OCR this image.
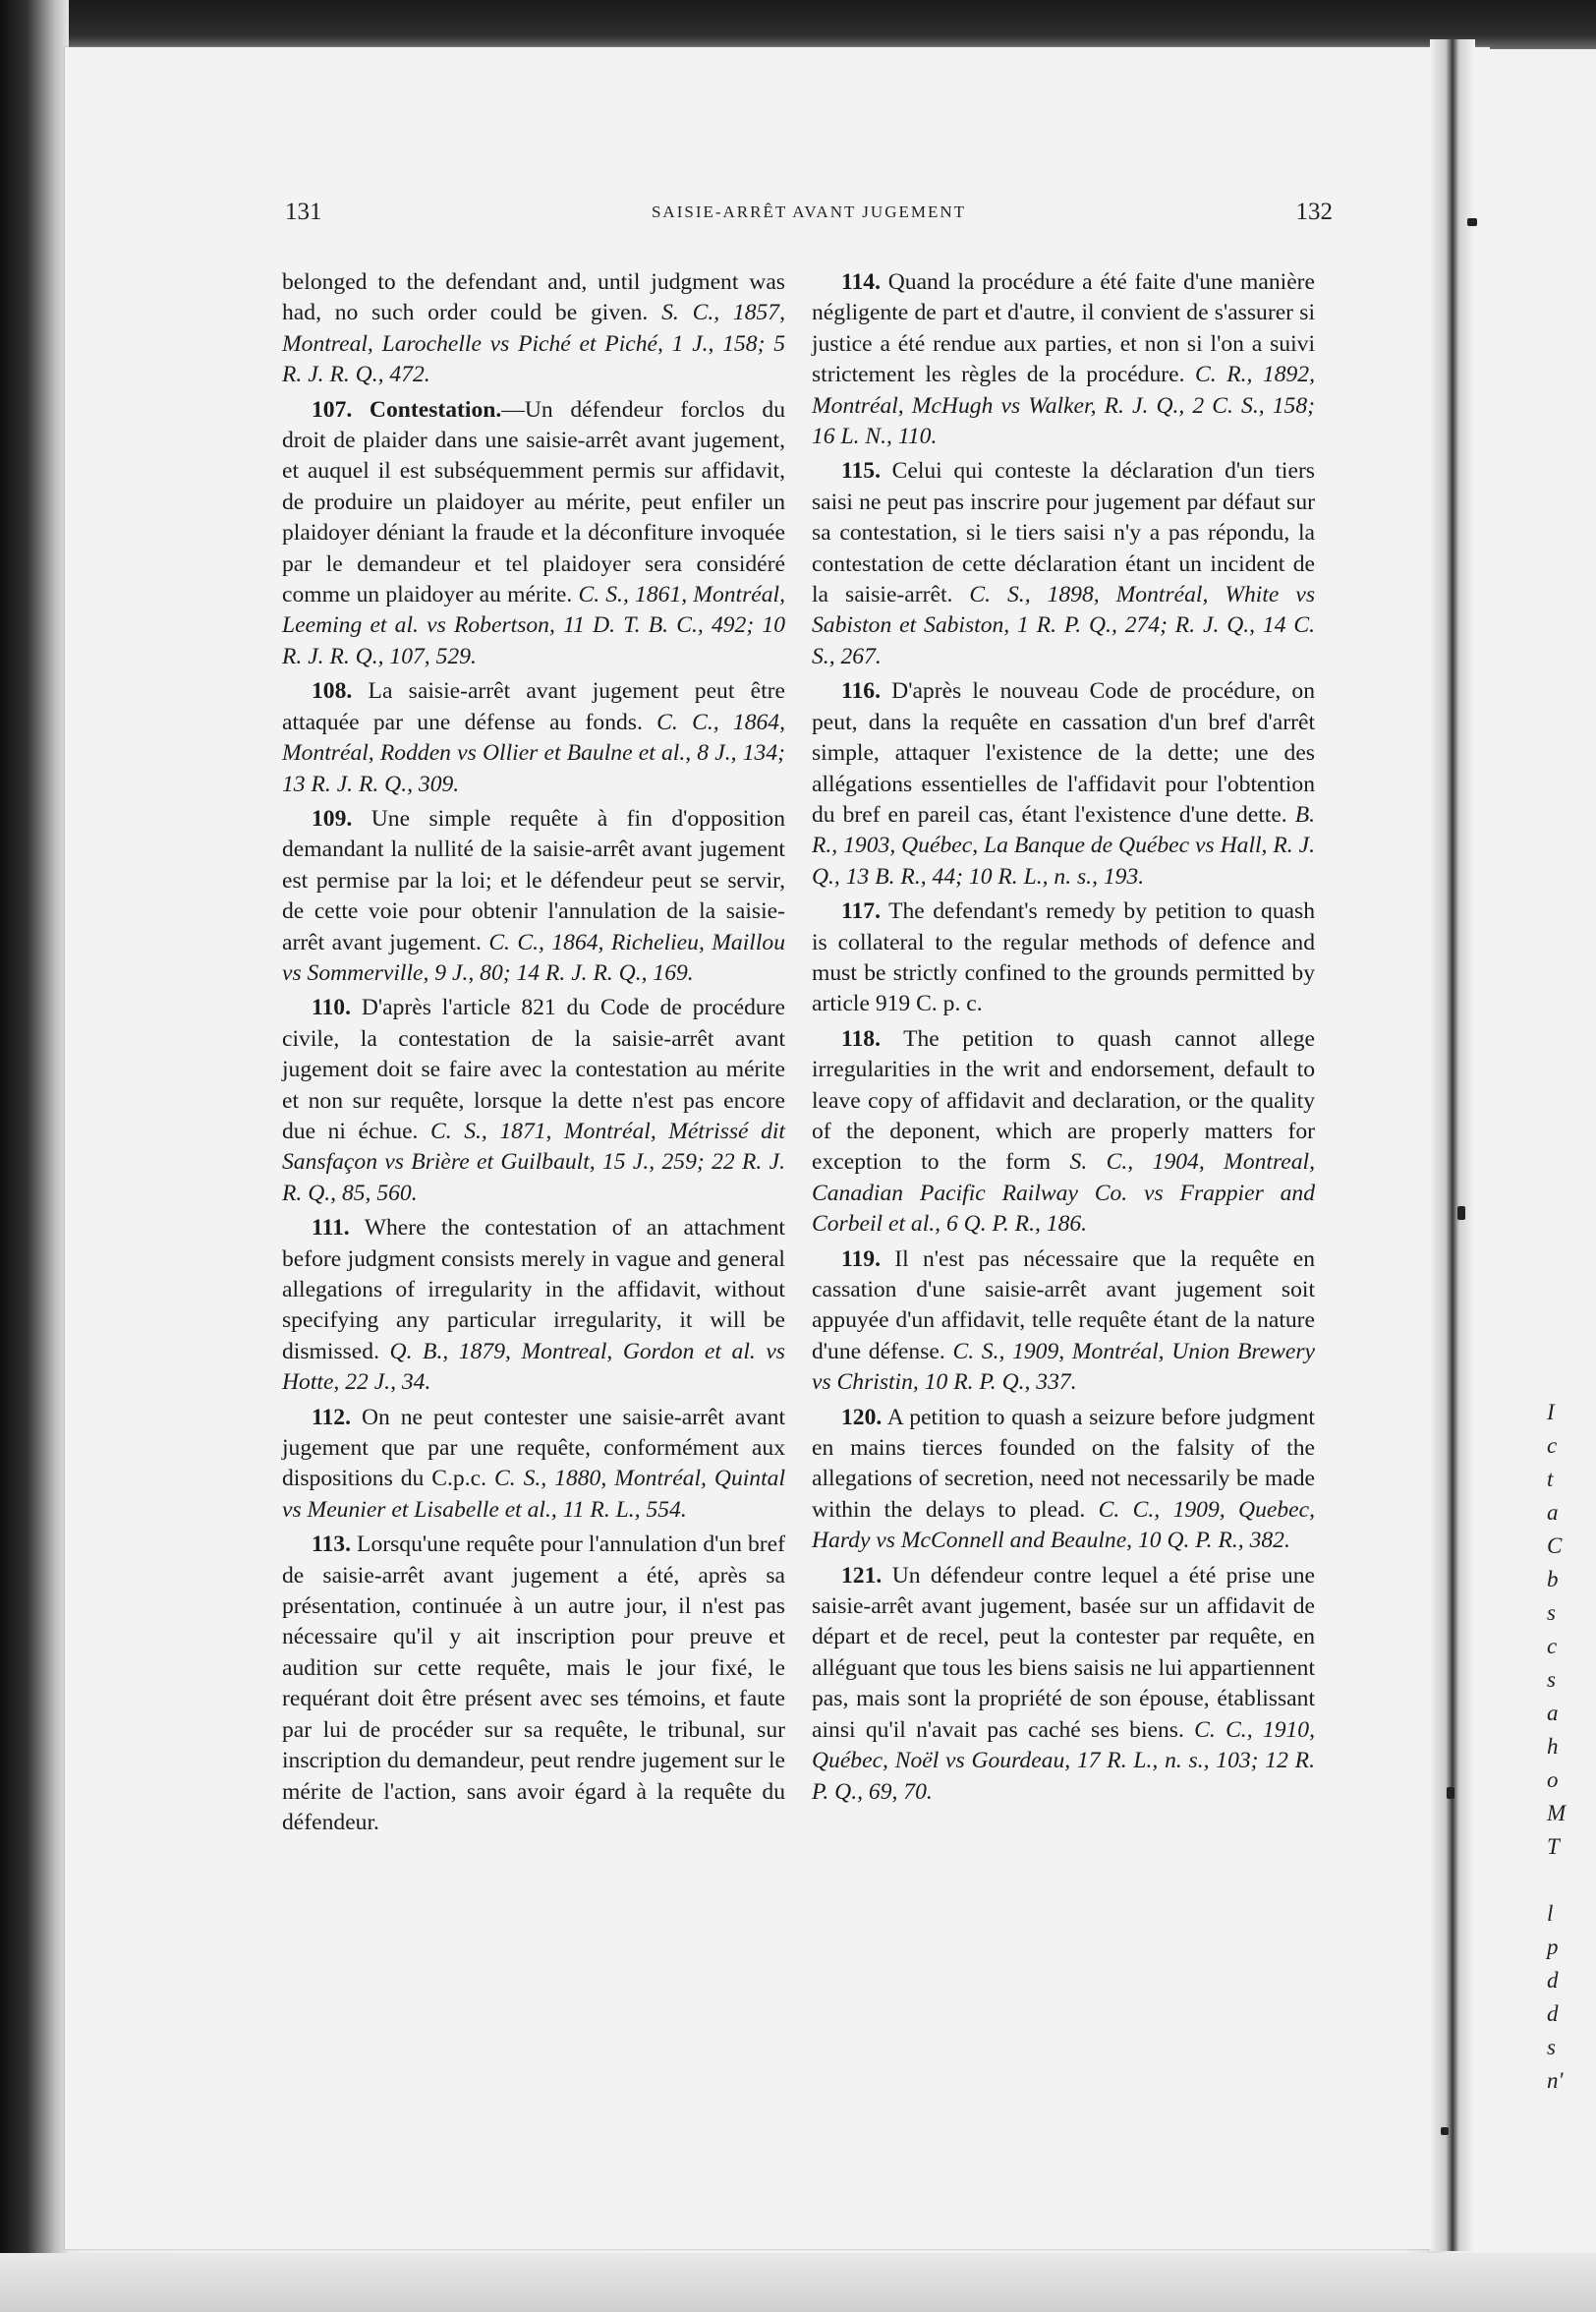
131	SAISIE-ARRÊT AVANT JUGEMENT	132

belonged to the defendant and, until judgment was had, no such order could be given. S. C., 1857, Montreal, Larochelle vs Piché et Piché, 1 J., 158; 5 R. J. R. Q., 472.

107. Contestation.—Un défendeur forclos du droit de plaider dans une saisie-arrêt avant jugement, et auquel il est subséquemment permis sur affidavit, de produire un plaidoyer au mérite, peut enfiler un plaidoyer déniant la fraude et la déconfiture invoquée par le demandeur et tel plaidoyer sera considéré comme un plaidoyer au mérite. C. S., 1861, Montréal, Leeming et al. vs Robertson, 11 D. T. B. C., 492; 10 R. J. R. Q., 107, 529.

108. La saisie-arrêt avant jugement peut être attaquée par une défense au fonds. C. C., 1864, Montréal, Rodden vs Ollier et Baulne et al., 8 J., 134; 13 R. J. R. Q., 309.

109. Une simple requête à fin d'opposition demandant la nullité de la saisie-arrêt avant jugement est permise par la loi; et le défendeur peut se servir, de cette voie pour obtenir l'annulation de la saisie-arrêt avant jugement. C. C., 1864, Richelieu, Maillou vs Sommerville, 9 J., 80; 14 R. J. R. Q., 169.

110. D'après l'article 821 du Code de procédure civile, la contestation de la saisie-arrêt avant jugement doit se faire avec la contestation au mérite et non sur requête, lorsque la dette n'est pas encore due ni échue. C. S., 1871, Montréal, Métrissé dit Sansfaçon vs Brière et Guilbault, 15 J., 259; 22 R. J. R. Q., 85, 560.

111. Where the contestation of an attachment before judgment consists merely in vague and general allegations of irregularity in the affidavit, without specifying any particular irregularity, it will be dismissed. Q. B., 1879, Montreal, Gordon et al. vs Hotte, 22 J., 34.

112. On ne peut contester une saisie-arrêt avant jugement que par une requête, conformément aux dispositions du C.p.c. C. S., 1880, Montréal, Quintal vs Meunier et Lisabelle et al., 11 R. L., 554.

113. Lorsqu'une requête pour l'annulation d'un bref de saisie-arrêt avant jugement a été, après sa présentation, continuée à un autre jour, il n'est pas nécessaire qu'il y ait inscription pour preuve et audition sur cette requête, mais le jour fixé, le requérant doit être présent avec ses témoins, et faute par lui de procéder sur sa requête, le tribunal, sur inscription du demandeur, peut rendre jugement sur le mérite de l'action, sans avoir égard à la requête du défendeur.

114. Quand la procédure a été faite d'une manière négligente de part et d'autre, il convient de s'assurer si justice a été rendue aux parties, et non si l'on a suivi strictement les règles de la procédure. C. R., 1892, Montréal, McHugh vs Walker, R. J. Q., 2 C. S., 158; 16 L. N., 110.

115. Celui qui conteste la déclaration d'un tiers saisi ne peut pas inscrire pour jugement par défaut sur sa contestation, si le tiers saisi n'y a pas répondu, la contestation de cette déclaration étant un incident de la saisie-arrêt. C. S., 1898, Montréal, White vs Sabiston et Sabiston, 1 R. P. Q., 274; R. J. Q., 14 C. S., 267.

116. D'après le nouveau Code de procédure, on peut, dans la requête en cassation d'un bref d'arrêt simple, attaquer l'existence de la dette; une des allégations essentielles de l'affidavit pour l'obtention du bref en pareil cas, étant l'existence d'une dette. B. R., 1903, Québec, La Banque de Québec vs Hall, R. J. Q., 13 B. R., 44; 10 R. L., n. s., 193.

117. The defendant's remedy by petition to quash is collateral to the regular methods of defence and must be strictly confined to the grounds permitted by article 919 C. p. c.

118. The petition to quash cannot allege irregularities in the writ and endorsement, default to leave copy of affidavit and declaration, or the quality of the deponent, which are properly matters for exception to the form S. C., 1904, Montreal, Canadian Pacific Railway Co. vs Frappier and Corbeil et al., 6 Q. P. R., 186.

119. Il n'est pas nécessaire que la requête en cassation d'une saisie-arrêt avant jugement soit appuyée d'un affidavit, telle requête étant de la nature d'une défense. C. S., 1909, Montréal, Union Brewery vs Christin, 10 R. P. Q., 337.

120. A petition to quash a seizure before judgment en mains tierces founded on the falsity of the allegations of secretion, need not necessarily be made within the delays to plead. C. C., 1909, Quebec, Hardy vs McConnell and Beaulne, 10 Q. P. R., 382.

121. Un défendeur contre lequel a été prise une saisie-arrêt avant jugement, basée sur un affidavit de départ et de recel, peut la contester par requête, en alléguant que tous les biens saisis ne lui appartiennent pas, mais sont la propriété de son épouse, établissant ainsi qu'il n'avait pas caché ses biens. C. C., 1910, Québec, Noël vs Gourdeau, 17 R. L., n. s., 103; 12 R. P. Q., 69, 70.

I
c
t
a
C
b
s
c
s
a
h
o
M
T

l
p
d
d
s
n'
